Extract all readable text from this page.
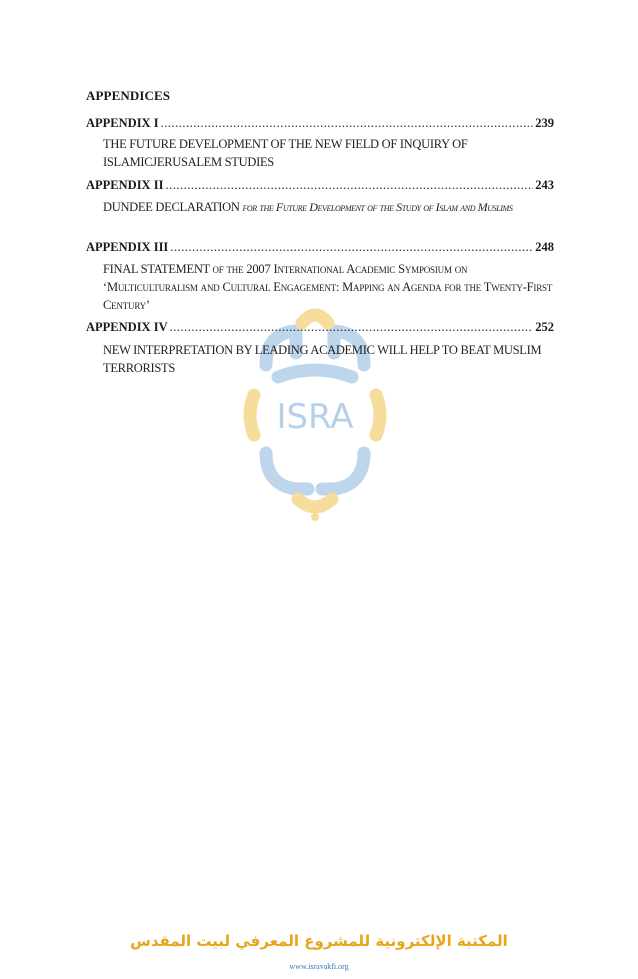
ISRA
APPENDICES
APPENDIX I .....	239
THE FUTURE DEVELOPMENT OF THE NEW FIELD OF INQUIRY OF ISLAMICJERUSALEM STUDIES
APPENDIX II .....	243
DUNDEE DECLARATION for the Future Development of the Study of Islam and Muslims
APPENDIX III .....	248
FINAL STATEMENT of the 2007 International Academic Symposium on ‘Multiculturalism and Cultural Engagement: Mapping an Agenda for the Twenty-First Century’
APPENDIX IV .....	252
NEW INTERPRETATION BY LEADING ACADEMIC WILL HELP TO BEAT MUSLIM TERRORISTS
المكتبة الإلكترونية للمشروع المعرفي لبيت المقدس
www.isravakfi.org
